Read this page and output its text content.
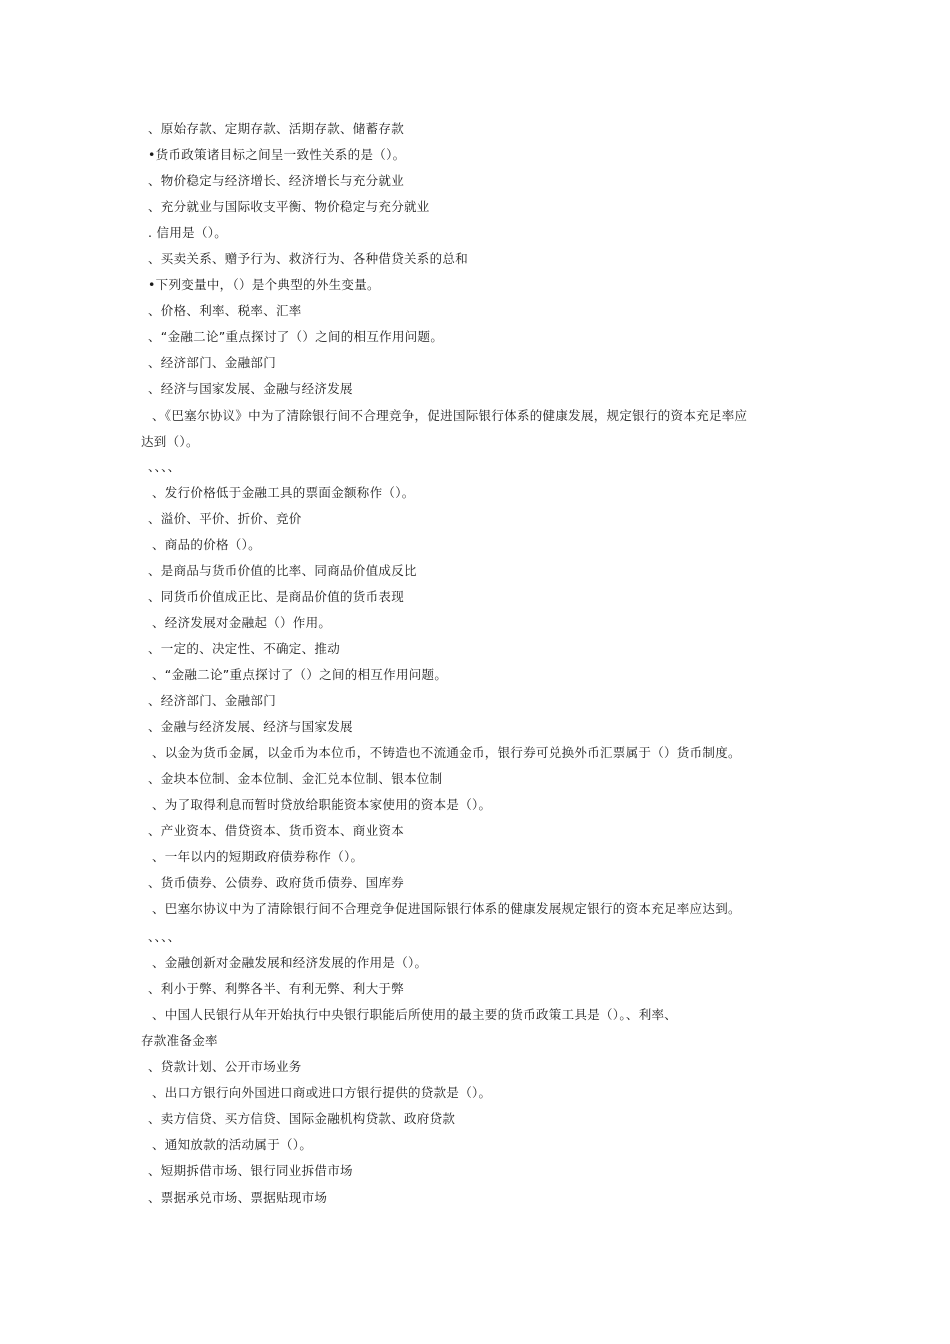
、原始存款、定期存款、活期存款、储蓄存款
•货币政策诸目标之间呈一致性关系的是（）。
、物价稳定与经济增长、经济增长与充分就业
、充分就业与国际收支平衡、物价稳定与充分就业
. 信用是（）。
、买卖关系、赠予行为、救济行为、各种借贷关系的总和
•下列变量中，（）是个典型的外生变量。
、价格、利率、税率、汇率
、“金融二论”重点探讨了（）之间的相互作用问题。
、经济部门、金融部门
、经济与国家发展、金融与经济发展
、《巴塞尔协议》中为了清除银行间不合理竞争，促进国际银行体系的健康发展，规定银行的资本充足率应
达到（）。
、、、、
、发行价格低于金融工具的票面金额称作（）。
、溢价、平价、折价、竞价
、商品的价格（）。
、是商品与货币价值的比率、同商品价值成反比
、同货币价值成正比、是商品价值的货币表现
、经济发展对金融起（）作用。
、一定的、决定性、不确定、推动
、“金融二论”重点探讨了（）之间的相互作用问题。
、经济部门、金融部门
、金融与经济发展、经济与国家发展
、以金为货币金属，以金币为本位币，不铸造也不流通金币，银行券可兑换外币汇票属于（）货币制度。
、金块本位制、金本位制、金汇兑本位制、银本位制
、为了取得利息而暂时贷放给职能资本家使用的资本是（）。
、产业资本、借贷资本、货币资本、商业资本
、一年以内的短期政府债券称作（）。
、货币债券、公债券、政府货币债券、国库券
、巴塞尔协议中为了清除银行间不合理竞争促进国际银行体系的健康发展规定银行的资本充足率应达到。
、、、、
、金融创新对金融发展和经济发展的作用是（）。
、利小于弊、利弊各半、有利无弊、利大于弊
、中国人民银行从年开始执行中央银行职能后所使用的最主要的货币政策工具是（）。、利率、
存款准备金率
、贷款计划、公开市场业务
、出口方银行向外国进口商或进口方银行提供的贷款是（）。
、卖方信贷、买方信贷、国际金融机构贷款、政府贷款
、通知放款的活动属于（）。
、短期拆借市场、银行同业拆借市场
、票据承兑市场、票据贴现市场
